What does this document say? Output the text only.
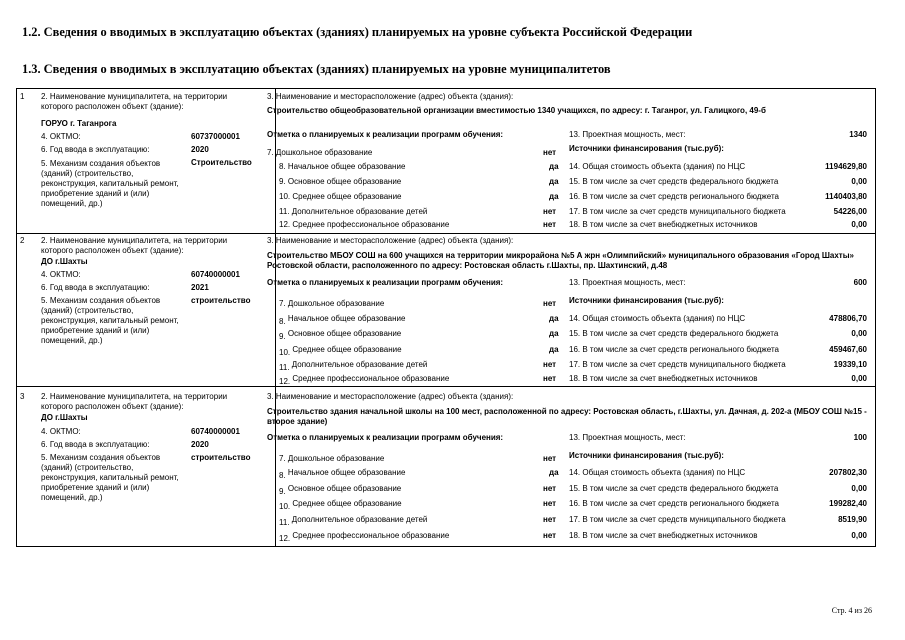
1.2. Сведения о вводимых в эксплуатацию объектах (зданиях) планируемых на уровне субъекта Российской Федерации
1.3. Сведения о вводимых в эксплуатацию объектах (зданиях) планируемых на уровне муниципалитетов
1 2. Наименование муниципалитета, на территории которого расположен объект (здание):
ГОРУО г. Таганрога
4. ОКТМО:	60737000001
6. Год ввода в эксплуатацию:	2020
5. Механизм создания объектов (зданий) (строительство, реконструкция, капитальный ремонт, приобретение зданий и (или) помещений, др.)
Строительство
3. Наименование и месторасположение (адрес) объекта (здания):
Строительство общеобразовательной организации вместимостью 1340 учащихся, по адресу: г. Таганрог, ул. Галицкого, 49-б
Отметка о планируемых к реализации программ обучения:	13. Проектная мощность, мест:	1340
7. Дошкольное образование	нет Источники финансирования (тыс.руб):
8. Начальное общее образование	да 14. Общая стоимость объекта (здания) по НЦС	1194629,80
9. Основное общее образование	да 15. В том числе за счет средств федерального бюджета	0,00
10. Среднее общее образование	да 16. В том числе за счет средств регионального бюджета	1140403,80
11. Дополнительное образование детей	нет 17. В том числе за счет средств муниципального бюджета	54226,00
12. Среднее профессиональное образование	нет 18. В том числе за счет внебюджетных источников	0,00
2 2. Наименование муниципалитета, на территории которого расположен объект (здание):
ДО г.Шахты
4. ОКТМО:	60740000001
6. Год ввода в эксплуатацию:	2021
5. Механизм создания объектов (зданий) (строительство, реконструкция, капитальный ремонт, приобретение зданий и (или) помещений, др.)
строительство
3. Наименование и месторасположение (адрес) объекта (здания):
Строительство МБОУ СОШ на 600 учащихся на территории микрорайона №5 А жрн «Олимпийский» муниципального образования «Город Шахты» Ростовской области, расположенного по адресу: Ростовская область г.Шахты, пр. Шахтинский, д.48
Отметка о планируемых к реализации программ обучения:	13. Проектная мощность, мест:	600
7. Дошкольное образование	нет Источники финансирования (тыс.руб):
8. Начальное общее образование	да 14. Общая стоимость объекта (здания) по НЦС	478806,70
9. Основное общее образование	да 15. В том числе за счет средств федерального бюджета	0,00
10. Среднее общее образование	да 16. В том числе за счет средств регионального бюджета	459467,60
11. Дополнительное образование детей	нет 17. В том числе за счет средств муниципального бюджета	19339,10
12. Среднее профессиональное образование	нет 18. В том числе за счет внебюджетных источников	0,00
3 2. Наименование муниципалитета, на территории которого расположен объект (здание):
ДО г.Шахты
4. ОКТМО:	60740000001
6. Год ввода в эксплуатацию:	2020
5. Механизм создания объектов (зданий) (строительство, реконструкция, капитальный ремонт, приобретение зданий и (или) помещений, др.)
строительство
3. Наименование и месторасположение (адрес) объекта (здания):
Строительство здания начальной школы на 100 мест, расположенной по адресу: Ростовская область, г.Шахты, ул. Дачная, д. 202-а (МБОУ СОШ №15 - второе здание)
Отметка о планируемых к реализации программ обучения:	13. Проектная мощность, мест:	100
7. Дошкольное образование	нет Источники финансирования (тыс.руб):
8. Начальное общее образование	да 14. Общая стоимость объекта (здания) по НЦС	207802,30
9. Основное общее образование	нет 15. В том числе за счет средств федерального бюджета	0,00
10. Среднее общее образование	нет 16. В том числе за счет средств регионального бюджета	199282,40
11. Дополнительное образование детей	нет 17. В том числе за счет средств муниципального бюджета	8519,90
12. Среднее профессиональное образование	нет 18. В том числе за счет внебюджетных источников	0,00
Стр. 4 из 26
